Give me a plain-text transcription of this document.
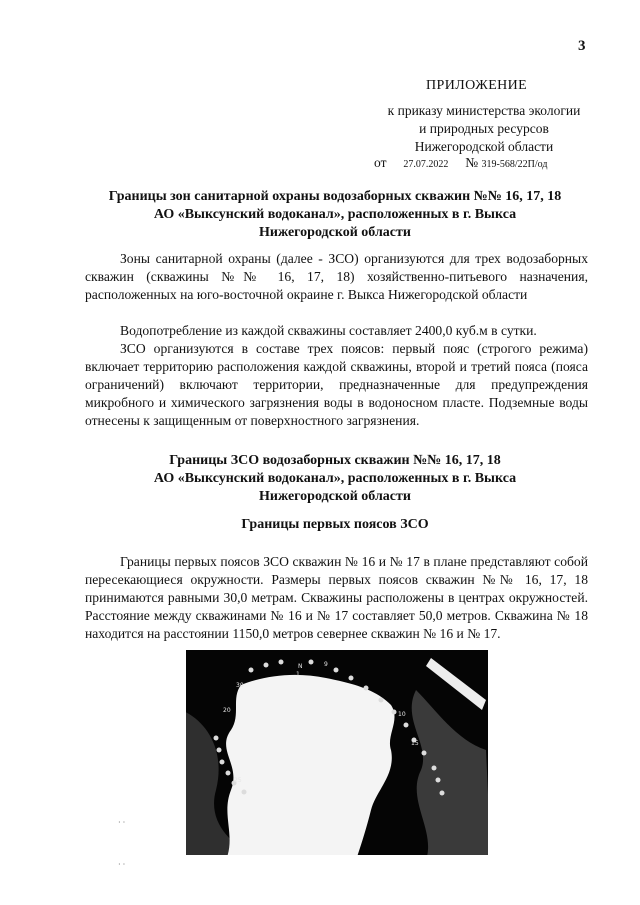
3
ПРИЛОЖЕНИЕ
к приказу министерства экологии
и природных ресурсов
Нижегородской области
от 27.07.2022 № 319-568/22П/од
Границы зон санитарной охраны водозаборных скважин №№ 16, 17, 18
АО «Выксунский водоканал», расположенных в г. Выкса
Нижегородской области
Зоны санитарной охраны (далее - ЗСО) организуются для трех водозаборных скважин (скважины №№ 16, 17, 18) хозяйственно-питьевого назначения, расположенных на юго-восточной окраине г. Выкса Нижегородской области
Водопотребление из каждой скважины составляет 2400,0 куб.м в сутки.
ЗСО организуются в составе трех поясов: первый пояс (строгого режима) включает территорию расположения каждой скважины, второй и третий пояса (пояса ограничений) включают территории, предназначенные для предупреждения микробного и химического загрязнения воды в водоносном пласте. Подземные воды отнесены к защищенным от поверхностного загрязнения.
Границы ЗСО водозаборных скважин №№ 16, 17, 18
АО «Выксунский водоканал», расположенных в г. Выкса
Нижегородской области
Границы первых поясов ЗСО
Границы первых поясов ЗСО скважин № 16 и № 17 в плане представляют собой пересекающиеся окружности. Размеры первых поясов скважин №№ 16, 17, 18 принимаются равными 30,0 метрам. Скважины расположены в центрах окружностей. Расстояние между скважинами № 16 и № 17 составляет 50,0 метров. Скважина № 18 находится на расстоянии 1150,0 метров севернее скважин № 16 и № 17.
· ·
· ·
1
N	9
30
20
15
10
25
